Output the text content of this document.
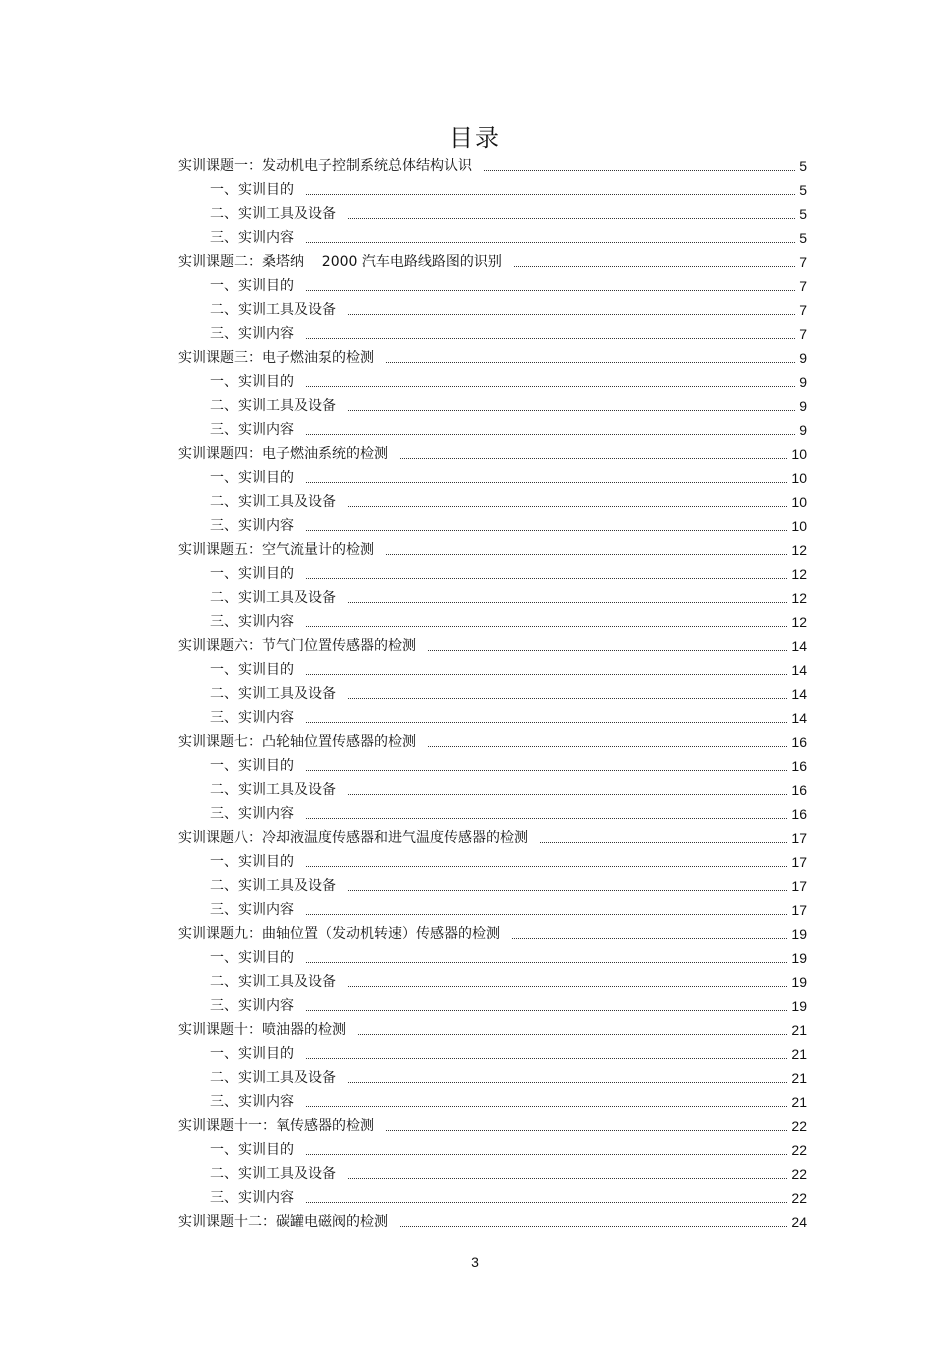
目录
实训课题一：发动机电子控制系统总体结构认识	5
一、实训目的	5
二、实训工具及设备	5
三、实训内容	5
实训课题二：桑塔纳    2000 汽车电路线路图的识别	7
一、实训目的	7
二、实训工具及设备	7
三、实训内容	7
实训课题三：电子燃油泵的检测	9
一、实训目的	9
二、实训工具及设备	9
三、实训内容	9
实训课题四：电子燃油系统的检测	10
一、实训目的	10
二、实训工具及设备	10
三、实训内容	10
实训课题五：空气流量计的检测	12
一、实训目的	12
二、实训工具及设备	12
三、实训内容	12
实训课题六：节气门位置传感器的检测	14
一、实训目的	14
二、实训工具及设备	14
三、实训内容	14
实训课题七：凸轮轴位置传感器的检测	16
一、实训目的	16
二、实训工具及设备	16
三、实训内容	16
实训课题八：冷却液温度传感器和进气温度传感器的检测	17
一、实训目的	17
二、实训工具及设备	17
三、实训内容	17
实训课题九：曲轴位置（发动机转速）传感器的检测	19
一、实训目的	19
二、实训工具及设备	19
三、实训内容	19
实训课题十：喷油器的检测	21
一、实训目的	21
二、实训工具及设备	21
三、实训内容	21
实训课题十一：氧传感器的检测	22
一、实训目的	22
二、实训工具及设备	22
三、实训内容	22
实训课题十二：碳罐电磁阀的检测	24
3
